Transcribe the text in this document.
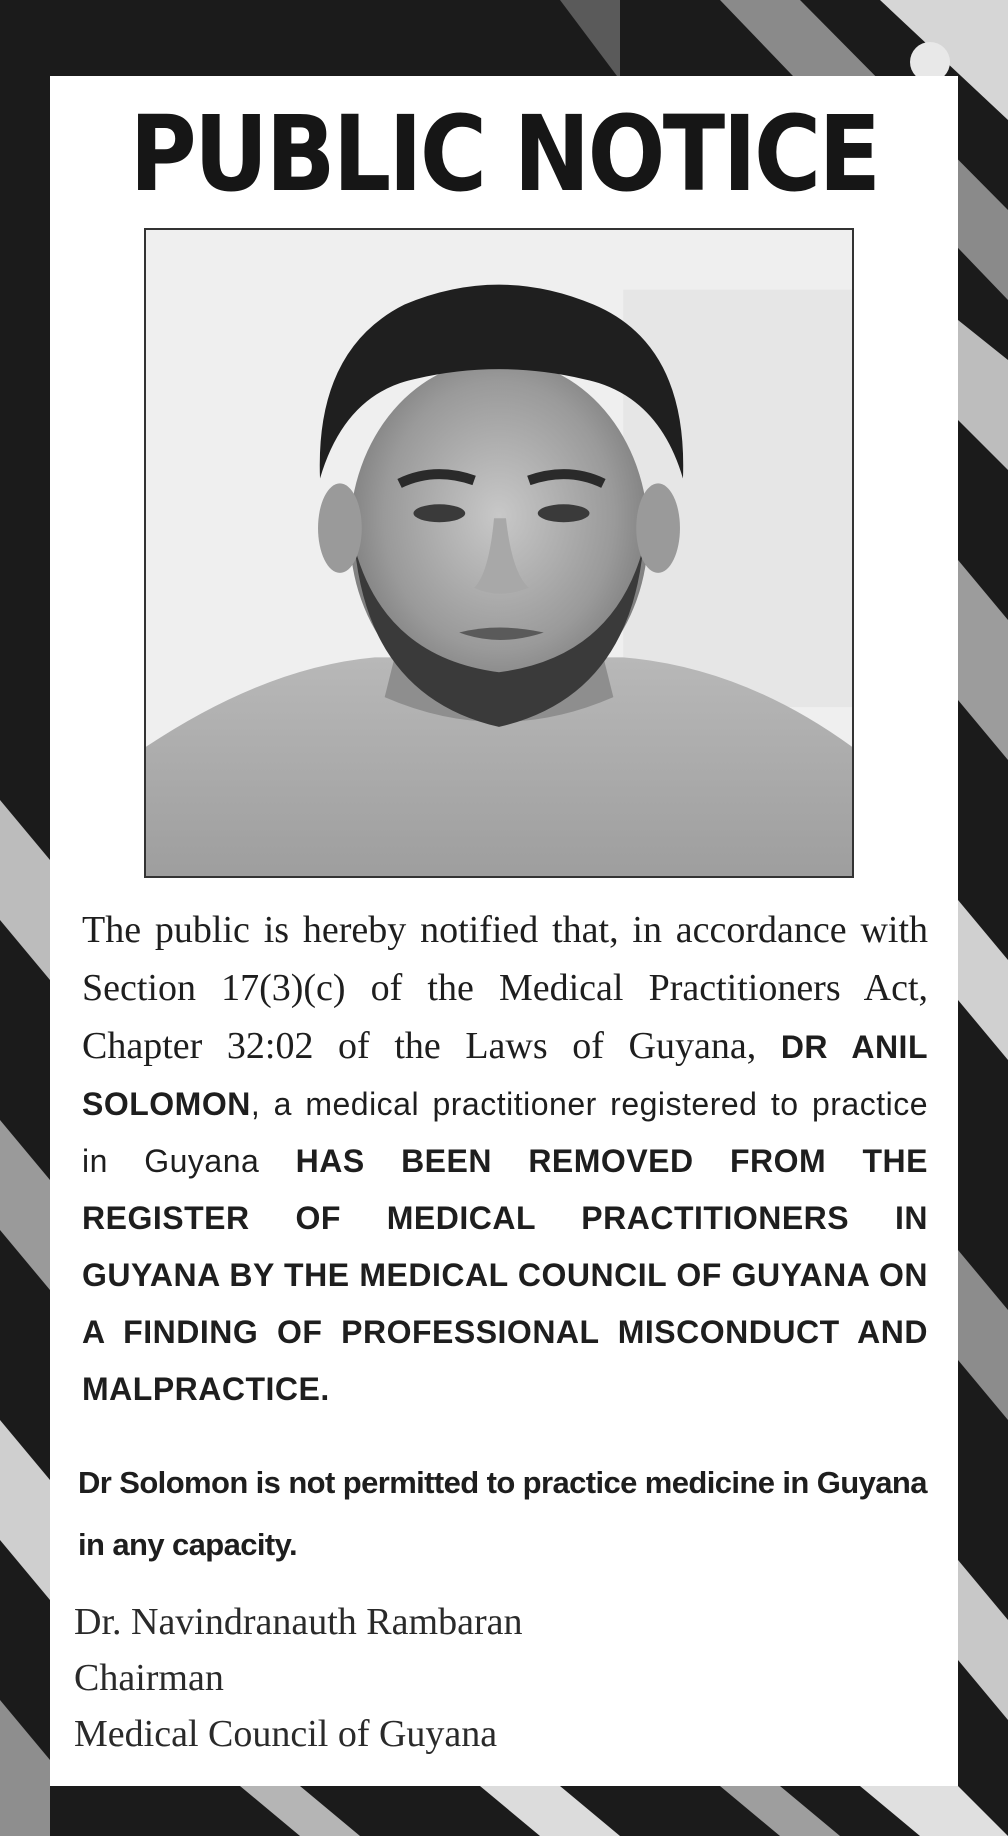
PUBLIC NOTICE

The public is hereby notified that, in accordance with Section 17(3)(c) of the Medical Practitioners Act, Chapter 32:02 of the Laws of Guyana, DR ANIL SOLOMON, a medical practitioner registered to practice in Guyana HAS BEEN REMOVED FROM THE REGISTER OF MEDICAL PRACTITIONERS IN GUYANA BY THE MEDICAL COUNCIL OF GUYANA ON A FINDING OF PROFESSIONAL MISCONDUCT AND MALPRACTICE.

Dr Solomon is not permitted to practice medicine in Guyana in any capacity.

Dr. Navindranauth Rambaran
Chairman
Medical Council of Guyana
